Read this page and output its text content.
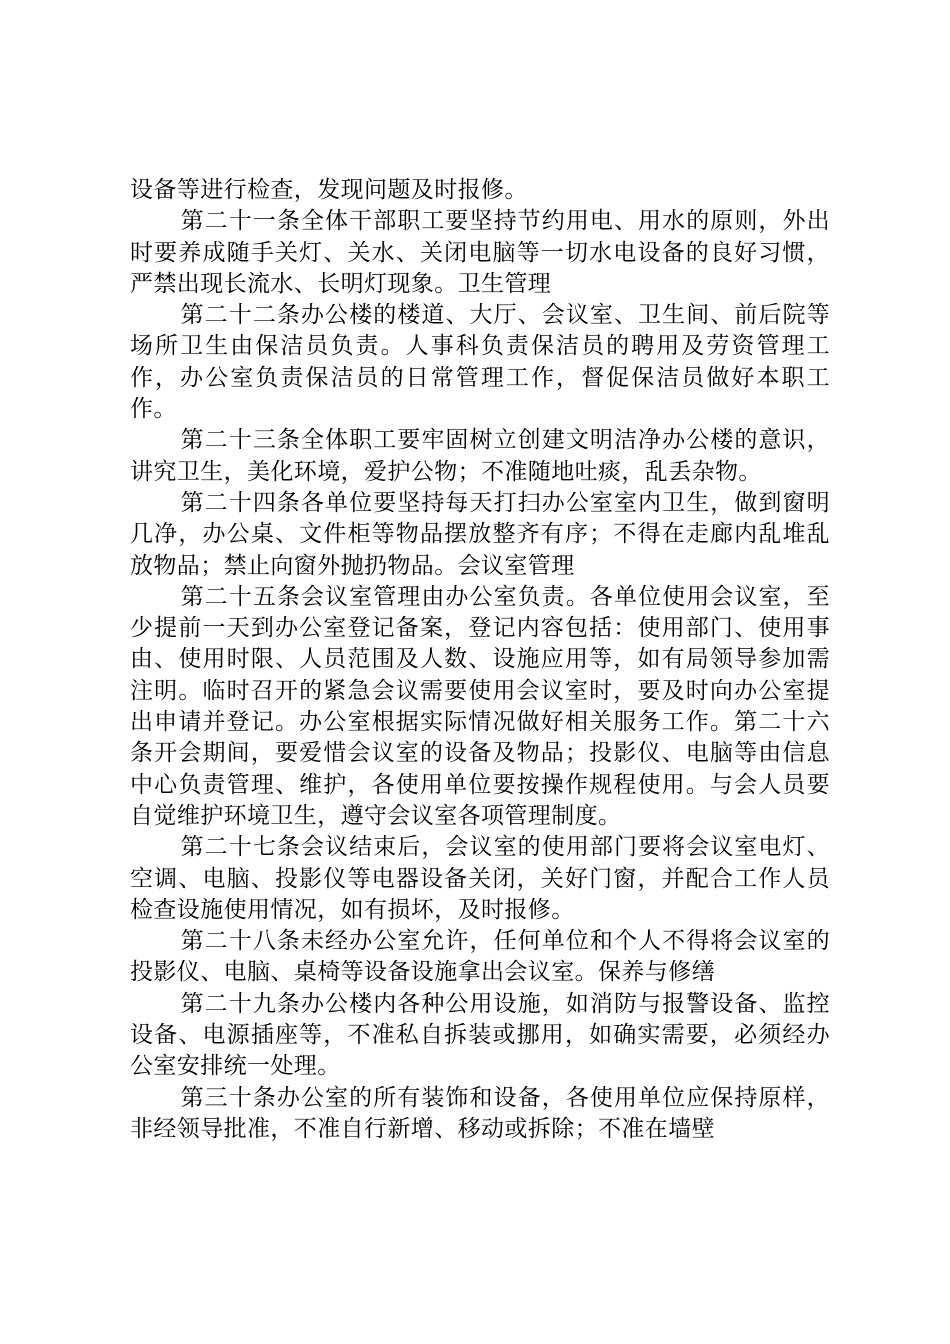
设备等进行检查，发现问题及时报修。

第二十一条全体干部职工要坚持节约用电、用水的原则，外出时要养成随手关灯、关水、关闭电脑等一切水电设备的良好习惯，严禁出现长流水、长明灯现象。卫生管理

第二十二条办公楼的楼道、大厅、会议室、卫生间、前后院等场所卫生由保洁员负责。人事科负责保洁员的聘用及劳资管理工作，办公室负责保洁员的日常管理工作，督促保洁员做好本职工作。

第二十三条全体职工要牢固树立创建文明洁净办公楼的意识，讲究卫生，美化环境，爱护公物；不准随地吐痰，乱丢杂物。

第二十四条各单位要坚持每天打扫办公室室内卫生，做到窗明几净，办公桌、文件柜等物品摆放整齐有序；不得在走廊内乱堆乱放物品；禁止向窗外抛扔物品。会议室管理

第二十五条会议室管理由办公室负责。各单位使用会议室，至少提前一天到办公室登记备案，登记内容包括：使用部门、使用事由、使用时限、人员范围及人数、设施应用等，如有局领导参加需注明。临时召开的紧急会议需要使用会议室时，要及时向办公室提出申请并登记。办公室根据实际情况做好相关服务工作。第二十六条开会期间，要爱惜会议室的设备及物品；投影仪、电脑等由信息中心负责管理、维护，各使用单位要按操作规程使用。与会人员要自觉维护环境卫生，遵守会议室各项管理制度。

第二十七条会议结束后，会议室的使用部门要将会议室电灯、空调、电脑、投影仪等电器设备关闭，关好门窗，并配合工作人员检查设施使用情况，如有损坏，及时报修。

第二十八条未经办公室允许，任何单位和个人不得将会议室的投影仪、电脑、桌椅等设备设施拿出会议室。保养与修缮

第二十九条办公楼内各种公用设施，如消防与报警设备、监控设备、电源插座等，不准私自拆装或挪用，如确实需要，必须经办公室安排统一处理。

第三十条办公室的所有装饰和设备，各使用单位应保持原样，非经领导批准，不准自行新增、移动或拆除；不准在墙壁
